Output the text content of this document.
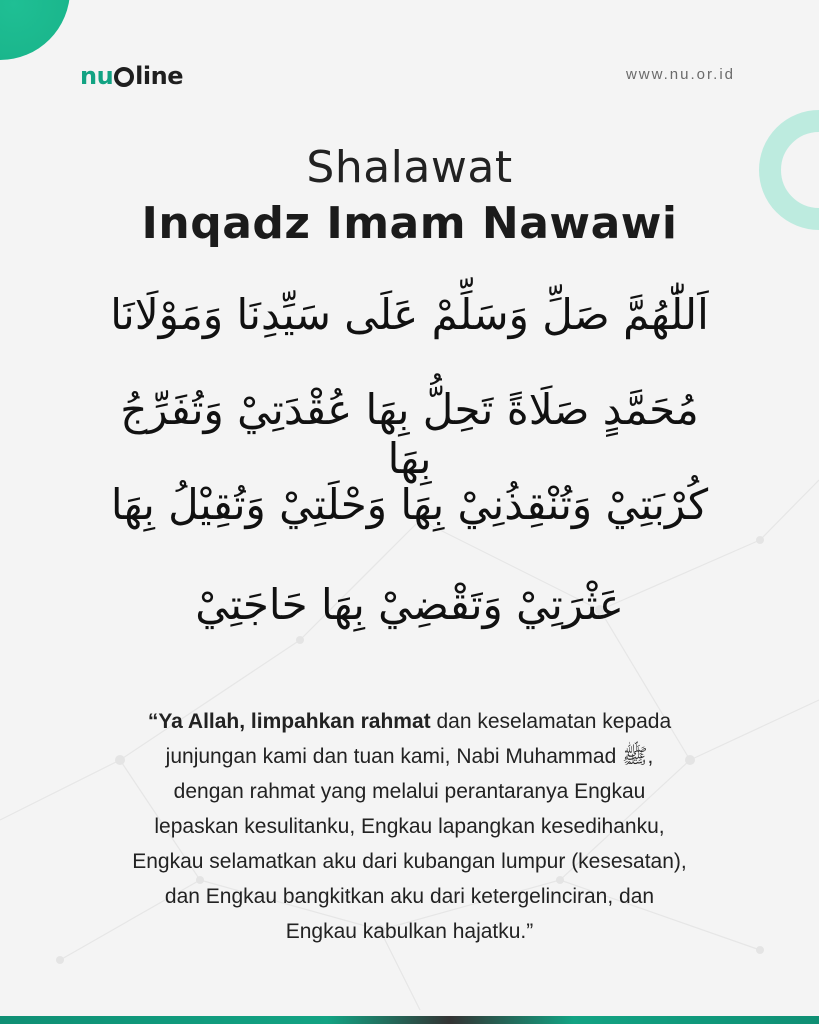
nu line	www.nu.or.id
Shalawat
Inqadz Imam Nawawi
اَللّٰهُمَّ صَلِّ وَسَلِّمْ عَلَى سَيِّدِنَا وَمَوْلَانَا
مُحَمَّدٍ صَلَاةً تَحِلُّ بِهَا عُقْدَتِيْ وَتُفَرِّجُ بِهَا
كُرْبَتِيْ وَتُنْقِذُنِيْ بِهَا وَحْلَتِيْ وَتُقِيْلُ بِهَا
عَثْرَتِيْ وَتَقْضِيْ بِهَا حَاجَتِيْ
“Ya Allah, limpahkan rahmat dan keselamatan kepada
junjungan kami dan tuan kami, Nabi Muhammad ﷺ,
dengan rahmat yang melalui perantaranya Engkau
lepaskan kesulitanku, Engkau lapangkan kesedihanku,
Engkau selamatkan aku dari kubangan lumpur (kesesatan),
dan Engkau bangkitkan aku dari ketergelinciran, dan
Engkau kabulkan hajatku.”
